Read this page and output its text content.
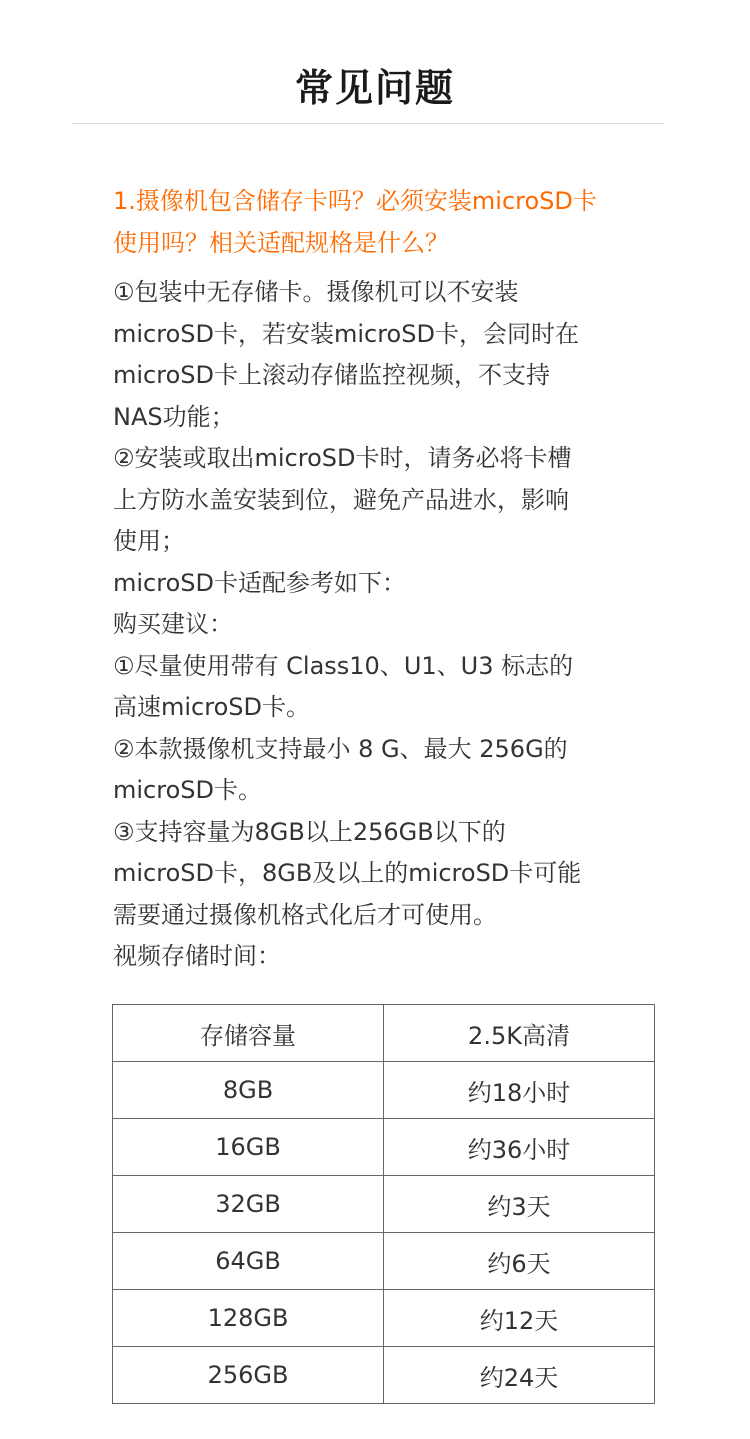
常见问题
1.摄像机包含储存卡吗？必须安装microSD卡
使用吗？相关适配规格是什么？
①包装中无存储卡。摄像机可以不安装
microSD卡，若安装microSD卡，会同时在
microSD卡上滚动存储监控视频，不支持
NAS功能；
②安装或取出microSD卡时，请务必将卡槽
上方防水盖安装到位，避免产品进水，影响
使用；
microSD卡适配参考如下：
购买建议：
①尽量使用带有 Class10、U1、U3 标志的
高速microSD卡。
②本款摄像机支持最小 8 G、最大 256G的
microSD卡。
③支持容量为8GB以上256GB以下的
microSD卡，8GB及以上的microSD卡可能
需要通过摄像机格式化后才可使用。
视频存储时间：
存储容量	2.5K高清
8GB	约18小时
16GB	约36小时
32GB	约3天
64GB	约6天
128GB	约12天
256GB	约24天
